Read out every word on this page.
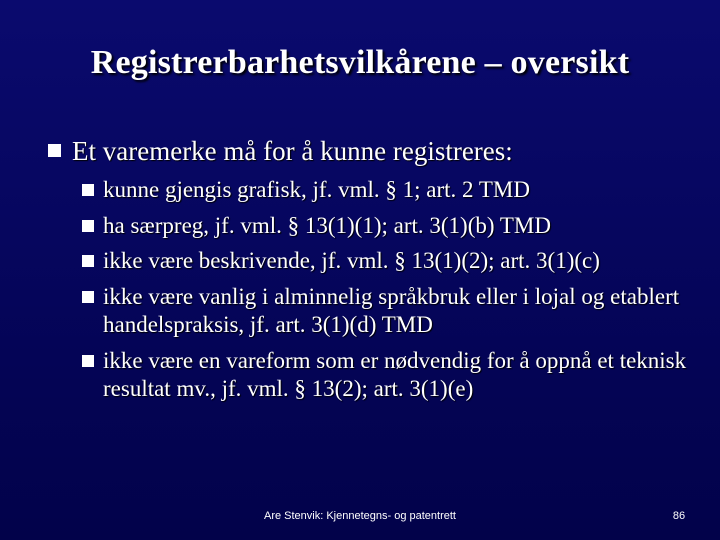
Registrerbarhetsvilkårene – oversikt
Et varemerke må for å kunne registreres:
kunne gjengis grafisk, jf. vml. § 1; art. 2 TMD
ha særpreg, jf. vml. § 13(1)(1); art. 3(1)(b) TMD
ikke være beskrivende, jf. vml. § 13(1)(2); art. 3(1)(c)
ikke være vanlig i alminnelig språkbruk eller i lojal og etablert handelspraksis, jf. art. 3(1)(d) TMD
ikke være en vareform som er nødvendig for å oppnå et teknisk resultat mv., jf. vml. § 13(2); art. 3(1)(e)
Are Stenvik: Kjennetegns- og patentrett	86
